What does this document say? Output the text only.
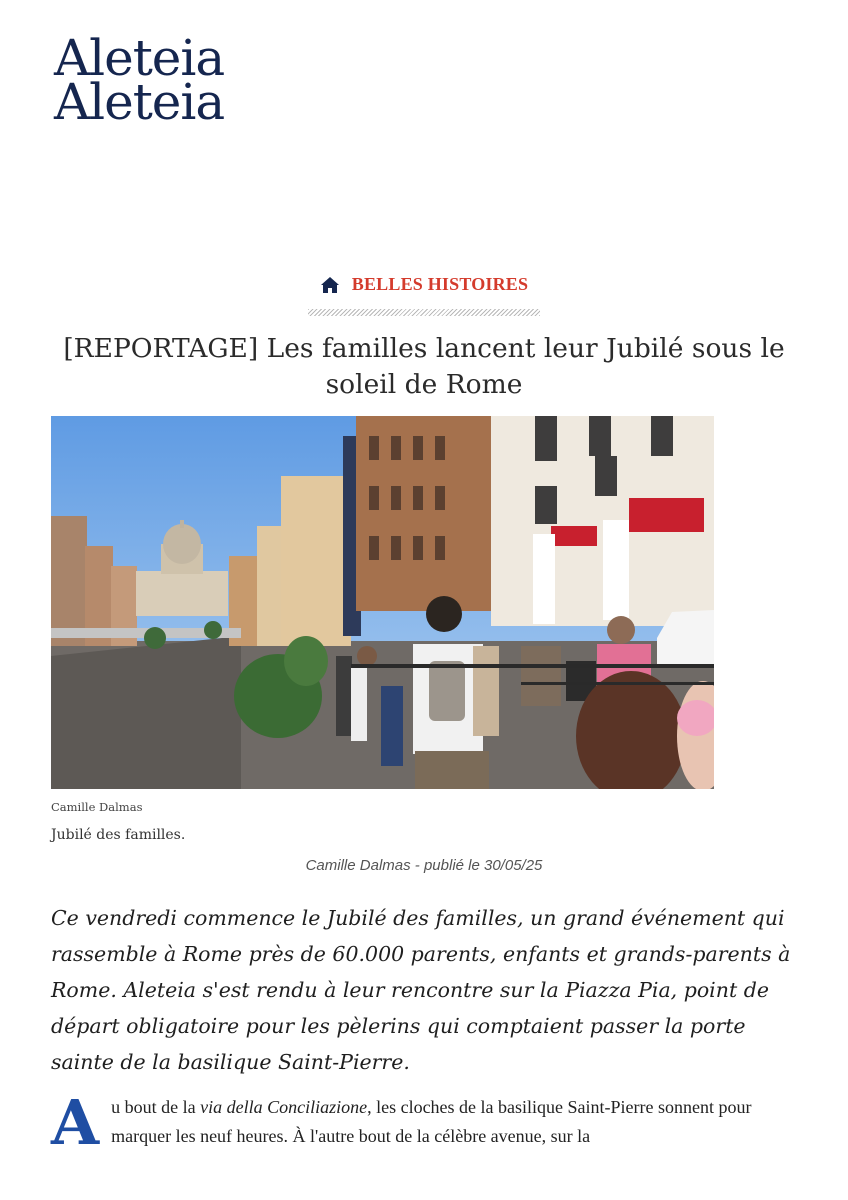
Aleteia
Aleteia
BELLES HISTOIRES
[REPORTAGE] Les familles lancent leur Jubilé sous le soleil de Rome
Camille Dalmas
Jubilé des familles.
Camille Dalmas - publié le 30/05/25

Ce vendredi commence le Jubilé des familles, un grand événement qui rassemble à Rome près de 60.000 parents, enfants et grands-parents à Rome. Aleteia s'est rendu à leur rencontre sur la Piazza Pia, point de départ obligatoire pour les pèlerins qui comptaient passer la porte sainte de la basilique Saint-Pierre.

Au bout de la via della Conciliazione, les cloches de la basilique Saint-Pierre sonnent pour marquer les neuf heures. À l'autre bout de la célèbre avenue, sur la
